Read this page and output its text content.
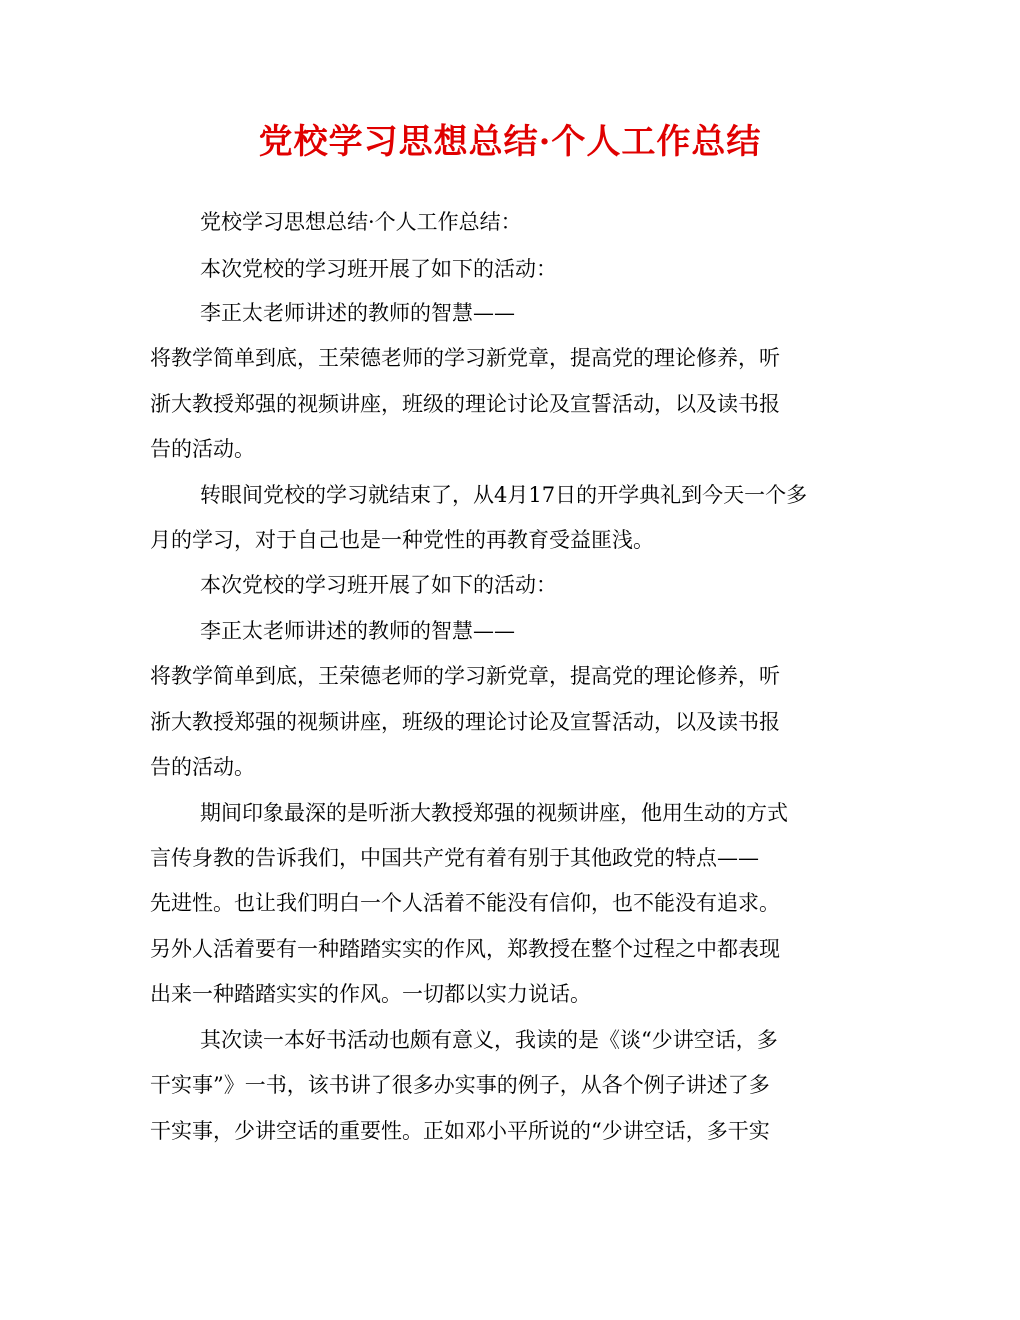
党校学习思想总结·个人工作总结
党校学习思想总结·个人工作总结：
本次党校的学习班开展了如下的活动：
李正太老师讲述的教师的智慧——
将教学简单到底，王荣德老师的学习新党章，提高党的理论修养，听
浙大教授郑强的视频讲座，班级的理论讨论及宣誓活动，以及读书报
告的活动。
转眼间党校的学习就结束了，从4月17日的开学典礼到今天一个多
月的学习，对于自己也是一种党性的再教育受益匪浅。
本次党校的学习班开展了如下的活动：
李正太老师讲述的教师的智慧——
将教学简单到底，王荣德老师的学习新党章，提高党的理论修养，听
浙大教授郑强的视频讲座，班级的理论讨论及宣誓活动，以及读书报
告的活动。
期间印象最深的是听浙大教授郑强的视频讲座，他用生动的方式
言传身教的告诉我们，中国共产党有着有别于其他政党的特点——
先进性。也让我们明白一个人活着不能没有信仰，也不能没有追求。
另外人活着要有一种踏踏实实的作风，郑教授在整个过程之中都表现
出来一种踏踏实实的作风。一切都以实力说话。
其次读一本好书活动也颇有意义，我读的是《谈“少讲空话，多
干实事”》一书，该书讲了很多办实事的例子，从各个例子讲述了多
干实事，少讲空话的重要性。正如邓小平所说的“少讲空话，多干实
